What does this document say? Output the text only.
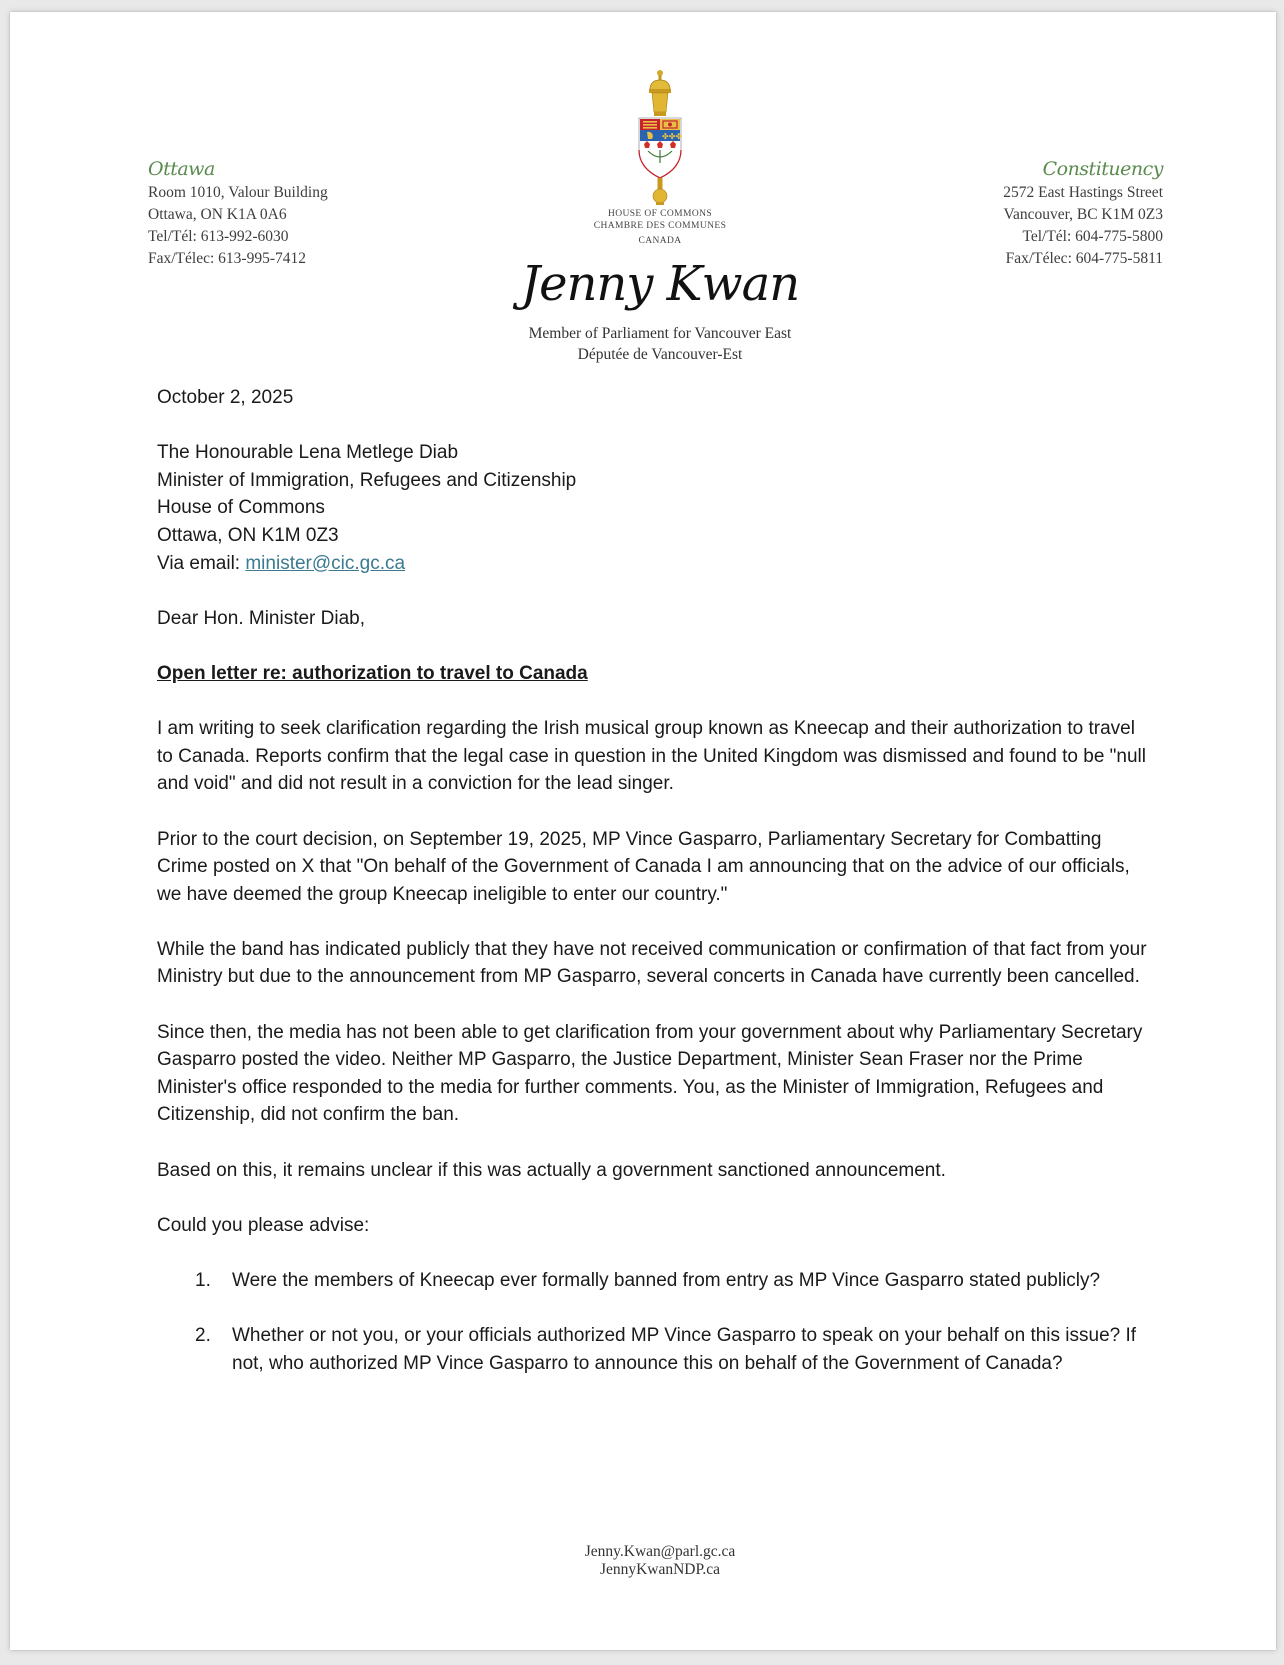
Ottawa
Room 1010, Valour Building
Ottawa, ON K1A 0A6
Tel/Tél: 613-992-6030
Fax/Télec: 613-995-7412
✤✤✤
HOUSE OF COMMONS
CHAMBRE DES COMMUNES
CANADA
Constituency
2572 East Hastings Street
Vancouver, BC K1M 0Z3
Tel/Tél: 604-775-5800
Fax/Télec: 604-775-5811
Jenny Kwan
Member of Parliament for Vancouver East
Députée de Vancouver-Est

October 2, 2025

The Honourable Lena Metlege Diab

Minister of Immigration, Refugees and Citizenship

House of Commons

Ottawa, ON K1M 0Z3

Via email: minister@cic.gc.ca

Dear Hon. Minister Diab,

Open letter re: authorization to travel to Canada

I am writing to seek clarification regarding the Irish musical group known as Kneecap and their authorization to travel to Canada. Reports confirm that the legal case in question in the United Kingdom was dismissed and found to be "null and void" and did not result in a conviction for the lead singer.

Prior to the court decision, on September 19, 2025, MP Vince Gasparro, Parliamentary Secretary for Combatting Crime posted on X that "On behalf of the Government of Canada I am announcing that on the advice of our officials, we have deemed the group Kneecap ineligible to enter our country."

While the band has indicated publicly that they have not received communication or confirmation of that fact from your Ministry but due to the announcement from MP Gasparro, several concerts in Canada have currently been cancelled.

Since then, the media has not been able to get clarification from your government about why Parliamentary Secretary Gasparro posted the video. Neither MP Gasparro, the Justice Department, Minister Sean Fraser nor the Prime Minister's office responded to the media for further comments. You, as the Minister of Immigration, Refugees and Citizenship, did not confirm the ban.

Based on this, it remains unclear if this was actually a government sanctioned announcement.

Could you please advise:

1. Were the members of Kneecap ever formally banned from entry as MP Vince Gasparro stated publicly?
2. Whether or not you, or your officials authorized MP Vince Gasparro to speak on your behalf on this issue? If not, who authorized MP Vince Gasparro to announce this on behalf of the Government of Canada?
Jenny.Kwan@parl.gc.ca
JennyKwanNDP.ca
